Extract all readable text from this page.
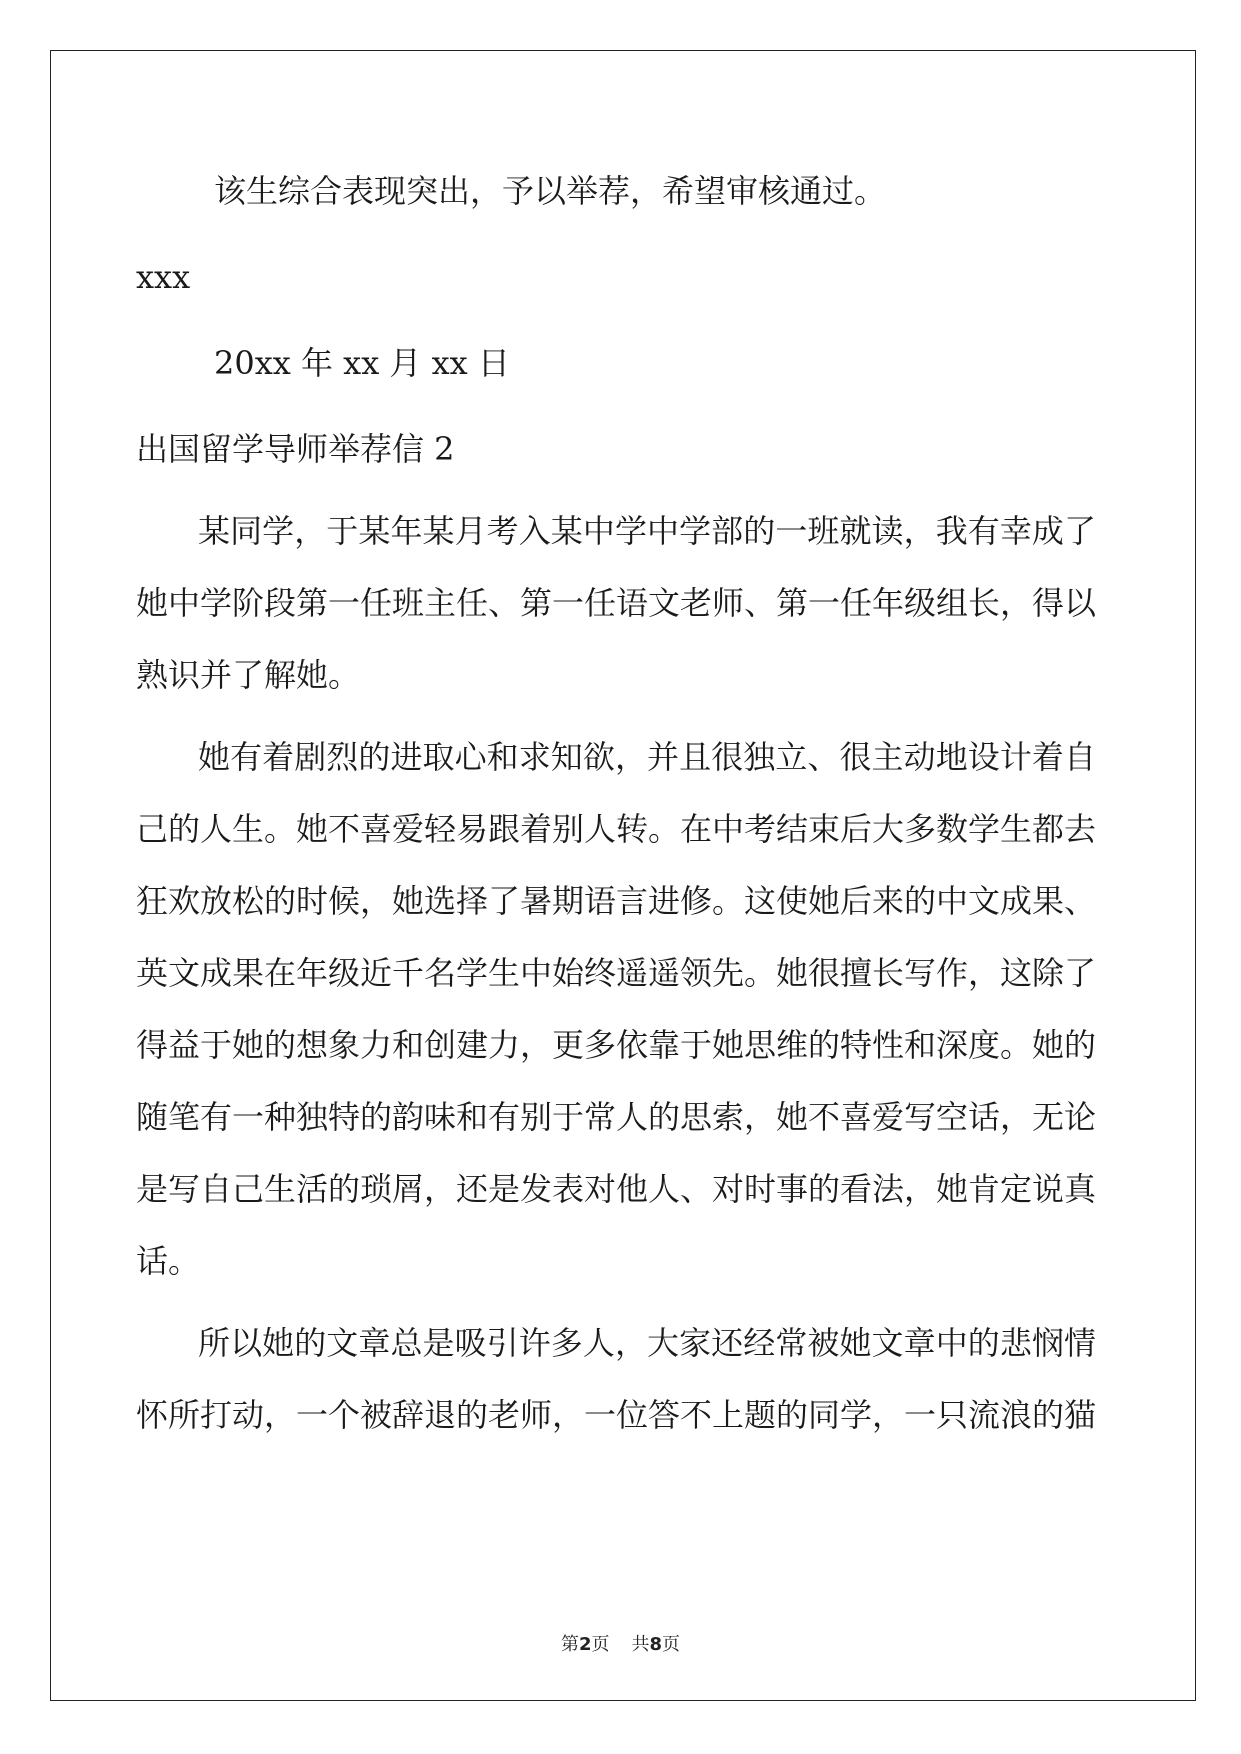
该生综合表现突出，予以举荐，希望审核通过。
xxx
20xx 年 xx 月 xx 日
出国留学导师举荐信 2
某同学，于某年某月考入某中学中学部的一班就读，我有幸成了
她中学阶段第一任班主任、第一任语文老师、第一任年级组长，得以
熟识并了解她。
她有着剧烈的进取心和求知欲，并且很独立、很主动地设计着自
己的人生。她不喜爱轻易跟着别人转。在中考结束后大多数学生都去
狂欢放松的时候，她选择了暑期语言进修。这使她后来的中文成果、
英文成果在年级近千名学生中始终遥遥领先。她很擅长写作，这除了
得益于她的想象力和创建力，更多依靠于她思维的特性和深度。她的
随笔有一种独特的韵味和有别于常人的思索，她不喜爱写空话，无论
是写自己生活的琐屑，还是发表对他人、对时事的看法，她肯定说真
话。
所以她的文章总是吸引许多人，大家还经常被她文章中的悲悯情
怀所打动，一个被辞退的老师，一位答不上题的同学，一只流浪的猫
第2页 共8页
